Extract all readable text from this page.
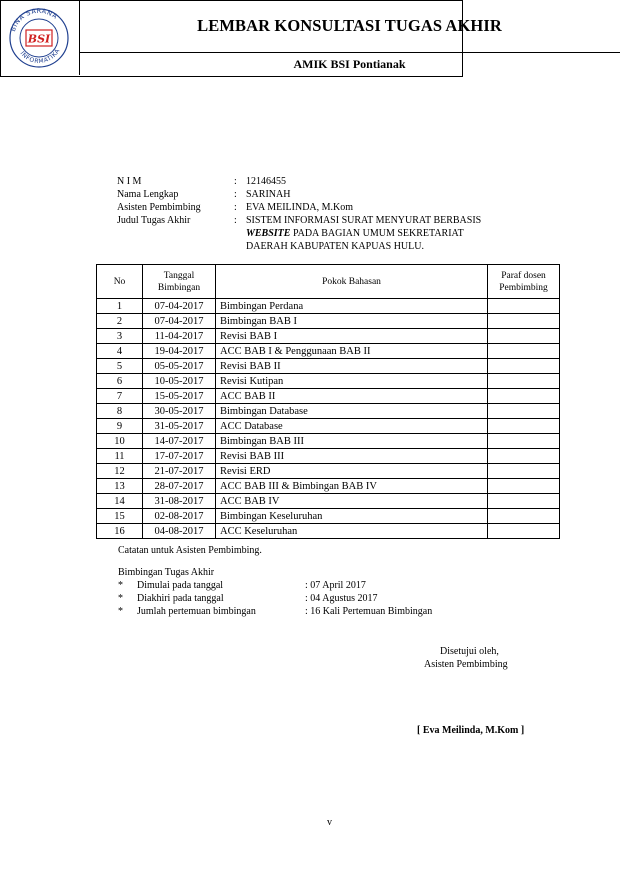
BINA SARANA
INFORMATIKA
BSI
LEMBAR KONSULTASI TUGAS AKHIR
AMIK BSI Pontianak
N I M	: 12146455
Nama Lengkap	: SARINAH
Asisten Pembimbing	: EVA MEILINDA, M.Kom
Judul Tugas Akhir	: SISTEM INFORMASI SURAT MENYURAT BERBASIS
WEBSITE PADA BAGIAN UMUM SEKRETARIAT
DAERAH KABUPATEN KAPUAS HULU.
No	Tanggal Bimbingan	Pokok Bahasan	Paraf dosen Pembimbing
1	07-04-2017	Bimbingan Perdana	
2	07-04-2017	Bimbingan BAB I	
3	11-04-2017	Revisi BAB I	
4	19-04-2017	ACC BAB I & Penggunaan BAB II	
5	05-05-2017	Revisi BAB II	
6	10-05-2017	Revisi Kutipan	
7	15-05-2017	ACC BAB II	
8	30-05-2017	Bimbingan Database	
9	31-05-2017	ACC Database	
10	14-07-2017	Bimbingan BAB III	
11	17-07-2017	Revisi BAB III	
12	21-07-2017	Revisi ERD	
13	28-07-2017	ACC BAB III & Bimbingan BAB IV	
14	31-08-2017	ACC BAB IV	
15	02-08-2017	Bimbingan Keseluruhan	
16	04-08-2017	ACC Keseluruhan	
Catatan untuk Asisten Pembimbing.
Bimbingan Tugas Akhir
* Dimulai pada tanggal	: 07 April 2017
* Diakhiri pada tanggal	: 04 Agustus 2017
* Jumlah pertemuan bimbingan	: 16 Kali Pertemuan Bimbingan
Disetujui oleh,
Asisten Pembimbing
[ Eva Meilinda, M.Kom ]
v
